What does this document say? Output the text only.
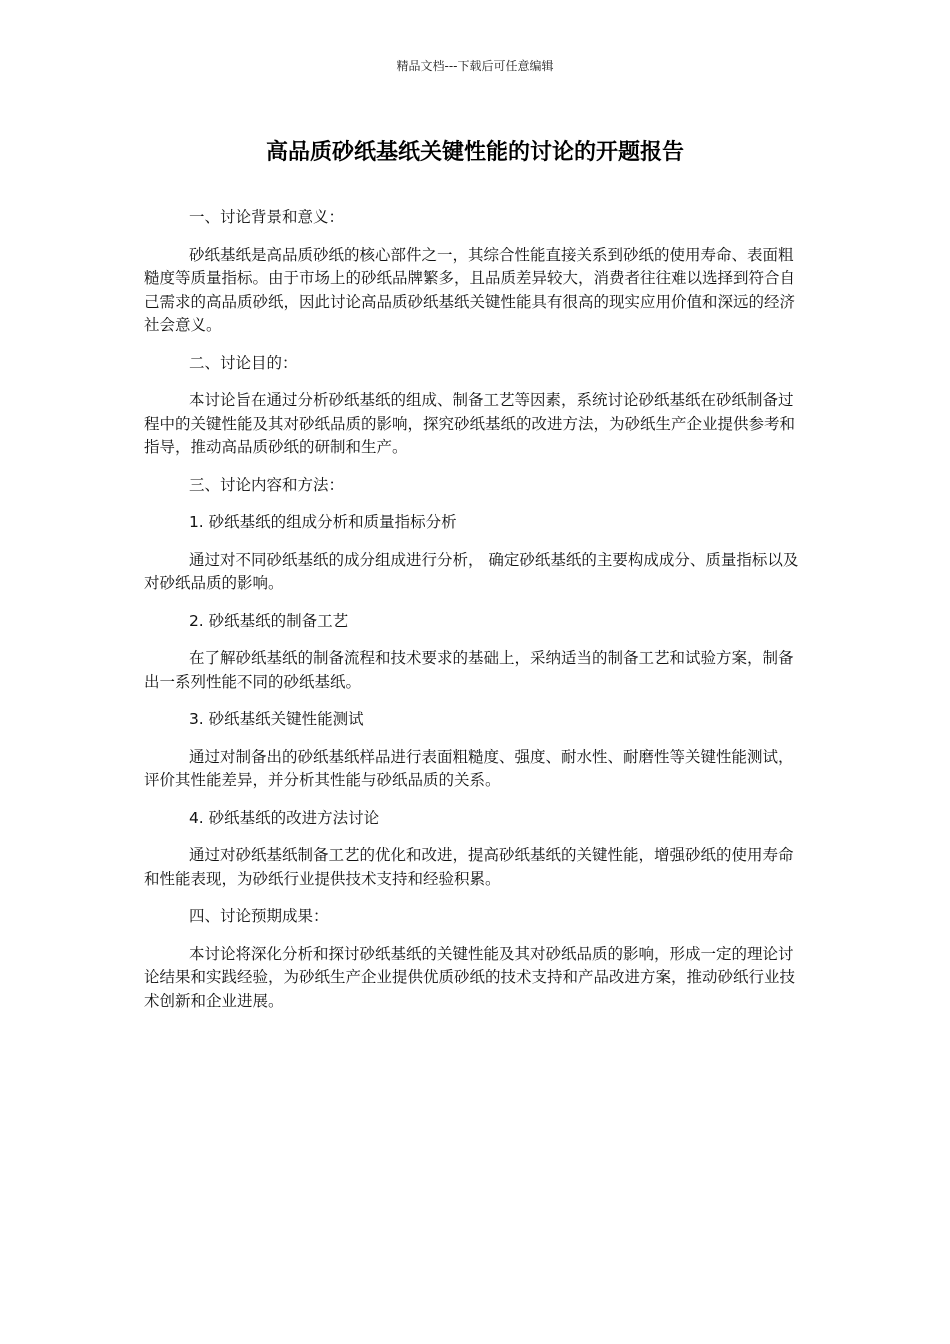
精品文档---下载后可任意编辑
高品质砂纸基纸关键性能的讨论的开题报告

一、讨论背景和意义：

砂纸基纸是高品质砂纸的核心部件之一，其综合性能直接关系到砂纸的使用寿命、表面粗糙度等质量指标。由于市场上的砂纸品牌繁多，且品质差异较大，消费者往往难以选择到符合自己需求的高品质砂纸，因此讨论高品质砂纸基纸关键性能具有很高的现实应用价值和深远的经济社会意义。

二、讨论目的：

本讨论旨在通过分析砂纸基纸的组成、制备工艺等因素，系统讨论砂纸基纸在砂纸制备过程中的关键性能及其对砂纸品质的影响，探究砂纸基纸的改进方法，为砂纸生产企业提供参考和指导，推动高品质砂纸的研制和生产。

三、讨论内容和方法：

1. 砂纸基纸的组成分析和质量指标分析

通过对不同砂纸基纸的成分组成进行分析， 确定砂纸基纸的主要构成成分、质量指标以及对砂纸品质的影响。

2. 砂纸基纸的制备工艺

在了解砂纸基纸的制备流程和技术要求的基础上，采纳适当的制备工艺和试验方案，制备出一系列性能不同的砂纸基纸。

3. 砂纸基纸关键性能测试

通过对制备出的砂纸基纸样品进行表面粗糙度、强度、耐水性、耐磨性等关键性能测试，评价其性能差异，并分析其性能与砂纸品质的关系。

4. 砂纸基纸的改进方法讨论

通过对砂纸基纸制备工艺的优化和改进，提高砂纸基纸的关键性能，增强砂纸的使用寿命和性能表现，为砂纸行业提供技术支持和经验积累。

四、讨论预期成果：

本讨论将深化分析和探讨砂纸基纸的关键性能及其对砂纸品质的影响，形成一定的理论讨论结果和实践经验，为砂纸生产企业提供优质砂纸的技术支持和产品改进方案，推动砂纸行业技术创新和企业进展。
